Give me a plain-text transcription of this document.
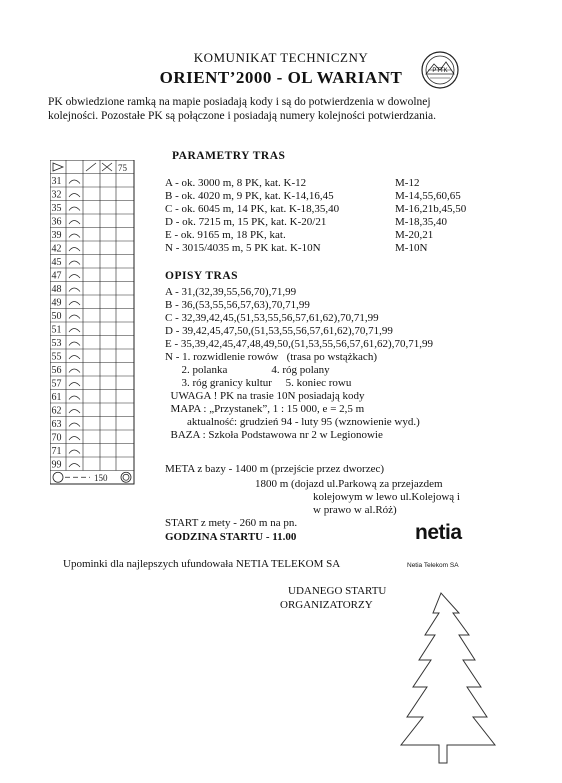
KOMUNIKAT TECHNICZNY
ORIENT’2000 - OL WARIANT	PTTK
PK obwiedzione ramką na mapie posiadają kody i są do potwierdzenia w dowolnej kolejności. Pozostałe PK są połączone i posiadają numery kolejności potwierdzania.
75
31
32
35
36
39
42
45
47
48
49
50
51
53
55
56
57
61
62
63
70
71
99
150
PARAMETRY TRAS
A - ok. 3000 m, 8 PK, kat. K-12	M-12
B - ok. 4020 m, 9 PK, kat. K-14,16,45	M-14,55,60,65
C - ok. 6045 m, 14 PK, kat. K-18,35,40	M-16,21b,45,50
D - ok. 7215 m, 15 PK, kat. K-20/21	M-18,35,40
E - ok. 9165 m, 18 PK, kat.	M-20,21
N - 3015/4035 m, 5 PK kat. K-10N	M-10N
OPISY TRAS
A - 31,(32,39,55,56,70),71,99
B - 36,(53,55,56,57,63),70,71,99
C - 32,39,42,45,(51,53,55,56,57,61,62),70,71,99
D - 39,42,45,47,50,(51,53,55,56,57,61,62),70,71,99
E - 35,39,42,45,47,48,49,50,(51,53,55,56,57,61,62),70,71,99
N - 1. rozwidlenie rowów   (trasa po wstążkach)
2. polanka                4. róg polany
3. róg granicy kultur     5. koniec rowu
UWAGA ! PK na trasie 10N posiadają kody
MAPA : „Przystanek”, 1 : 15 000, e = 2,5 m
aktualność: grudzień 94 - luty 95 (wznowienie wyd.)
BAZA : Szkoła Podstawowa nr 2 w Legionowie
META z bazy - 1400 m (przejście przez dworzec)
1800 m (dojazd ul.Parkową za przejazdem
kolejowym w lewo ul.Kolejową i
w prawo w al.Róż)
START z mety - 260 m na pn.
GODZINA STARTU - 11.00	netia
Upominki dla najlepszych ufundowała NETIA TELEKOM SA	Netia Telekom SA
UDANEGO STARTU
ORGANIZATORZY
